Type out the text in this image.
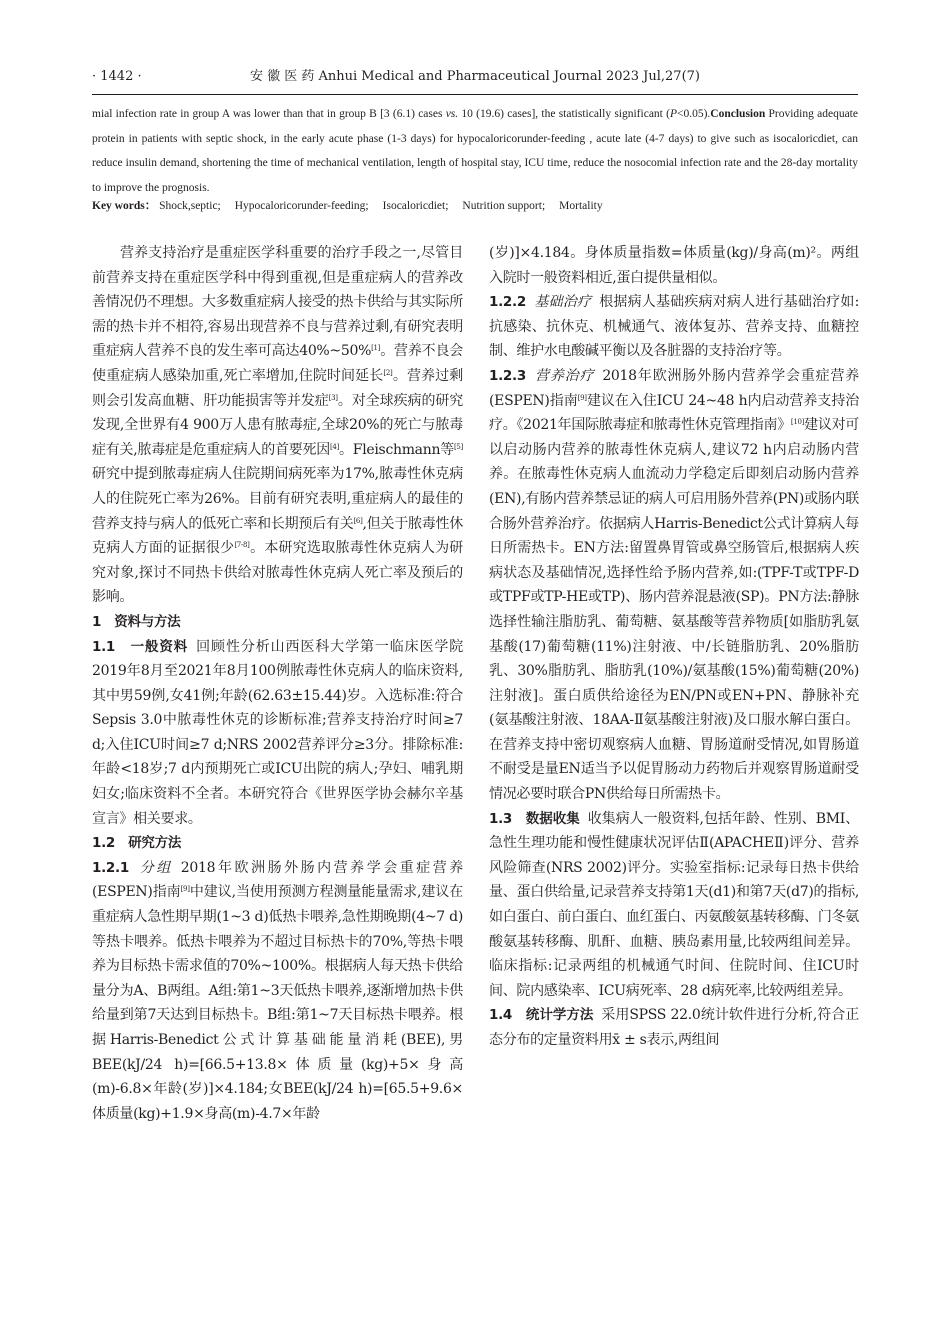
· 1442 ·	安 徽 医 药 Anhui Medical and Pharmaceutical Journal 2023 Jul,27(7)
mial infection rate in group A was lower than that in group B [3 (6.1) cases vs. 10 (19.6) cases], the statistically significant (P<0.05).Conclusion Providing adequate protein in patients with septic shock, in the early acute phase (1-3 days) for hypocaloricorunder-feeding , acute late (4-7 days) to give such as isocaloricdiet, can reduce insulin demand, shortening the time of mechanical ventilation, length of hospital stay, ICU time, reduce the nosocomial infection rate and the 28-day mortality to improve the prognosis.
Key words： Shock,septic; Hypocaloricorunder-feeding; Isocaloricdiet; Nutrition support; Mortality

营养支持治疗是重症医学科重要的治疗手段之一,尽管目前营养支持在重症医学科中得到重视,但是重症病人的营养改善情况仍不理想。大多数重症病人接受的热卡供给与其实际所需的热卡并不相符,容易出现营养不良与营养过剩,有研究表明重症病人营养不良的发生率可高达40%~50%[1]。营养不良会使重症病人感染加重,死亡率增加,住院时间延长[2]。营养过剩则会引发高血糖、肝功能损害等并发症[3]。对全球疾病的研究发现,全世界有4 900万人患有脓毒症,全球20%的死亡与脓毒症有关,脓毒症是危重症病人的首要死因[4]。Fleischmann等[5]研究中提到脓毒症病人住院期间病死率为17%,脓毒性休克病人的住院死亡率为26%。目前有研究表明,重症病人的最佳的营养支持与病人的低死亡率和长期预后有关[6],但关于脓毒性休克病人方面的证据很少[7-8]。本研究选取脓毒性休克病人为研究对象,探讨不同热卡供给对脓毒性休克病人死亡率及预后的影响。

1　资料与方法

1.1　一般资料 回顾性分析山西医科大学第一临床医学院2019年8月至2021年8月100例脓毒性休克病人的临床资料,其中男59例,女41例;年龄(62.63±15.44)岁。入选标准:符合Sepsis 3.0中脓毒性休克的诊断标准;营养支持治疗时间≥7 d;入住ICU时间≥7 d;NRS 2002营养评分≥3分。排除标准:年龄<18岁;7 d内预期死亡或ICU出院的病人;孕妇、哺乳期妇女;临床资料不全者。本研究符合《世界医学协会赫尔辛基宣言》相关要求。

1.2　研究方法

1.2.1 分组 2018年欧洲肠外肠内营养学会重症营养(ESPEN)指南[9]中建议,当使用预测方程测量能量需求,建议在重症病人急性期早期(1~3 d)低热卡喂养,急性期晚期(4~7 d)等热卡喂养。低热卡喂养为不超过目标热卡的70%,等热卡喂养为目标热卡需求值的70%~100%。根据病人每天热卡供给量分为A、B两组。A组:第1~3天低热卡喂养,逐渐增加热卡供给量到第7天达到目标热卡。B组:第1~7天目标热卡喂养。根据Harris-Benedict公式计算基础能量消耗(BEE),男BEE(kJ/24 h)=[66.5+13.8×体质量(kg)+5×身高(m)-6.8×年龄(岁)]×4.184;女BEE(kJ/24 h)=[65.5+9.6×体质量(kg)+1.9×身高(m)-4.7×年龄

(岁)]×4.184。身体质量指数=体质量(kg)/身高(m)²。两组入院时一般资料相近,蛋白提供量相似。

1.2.2 基础治疗 根据病人基础疾病对病人进行基础治疗如:抗感染、抗休克、机械通气、液体复苏、营养支持、血糖控制、维护水电酸碱平衡以及各脏器的支持治疗等。

1.2.3 营养治疗 2018年欧洲肠外肠内营养学会重症营养(ESPEN)指南[9]建议在入住ICU 24~48 h内启动营养支持治疗。《2021年国际脓毒症和脓毒性休克管理指南》[10]建议对可以启动肠内营养的脓毒性休克病人,建议72 h内启动肠内营养。在脓毒性休克病人血流动力学稳定后即刻启动肠内营养(EN),有肠内营养禁忌证的病人可启用肠外营养(PN)或肠内联合肠外营养治疗。依据病人Harris-Benedict公式计算病人每日所需热卡。EN方法:留置鼻胃管或鼻空肠管后,根据病人疾病状态及基础情况,选择性给予肠内营养,如:(TPF-T或TPF-D或TPF或TP-HE或TP)、肠内营养混悬液(SP)。PN方法:静脉选择性输注脂肪乳、葡萄糖、氨基酸等营养物质[如脂肪乳氨基酸(17)葡萄糖(11%)注射液、中/长链脂肪乳、20%脂肪乳、30%脂肪乳、脂肪乳(10%)/氨基酸(15%)葡萄糖(20%)注射液]。蛋白质供给途径为EN/PN或EN+PN、静脉补充(氨基酸注射液、18AA-Ⅱ氨基酸注射液)及口服水解白蛋白。在营养支持中密切观察病人血糖、胃肠道耐受情况,如胃肠道不耐受是量EN适当予以促胃肠动力药物后并观察胃肠道耐受情况必要时联合PN供给每日所需热卡。

1.3　数据收集 收集病人一般资料,包括年龄、性别、BMI、急性生理功能和慢性健康状况评估Ⅱ(APACHEⅡ)评分、营养风险筛查(NRS 2002)评分。实验室指标:记录每日热卡供给量、蛋白供给量,记录营养支持第1天(d1)和第7天(d7)的指标,如白蛋白、前白蛋白、血红蛋白、丙氨酸氨基转移酶、门冬氨酸氨基转移酶、肌酐、血糖、胰岛素用量,比较两组间差异。临床指标:记录两组的机械通气时间、住院时间、住ICU时间、院内感染率、ICU病死率、28 d病死率,比较两组差异。

1.4　统计学方法 采用SPSS 22.0统计软件进行分析,符合正态分布的定量资料用x̄ ± s表示,两组间
